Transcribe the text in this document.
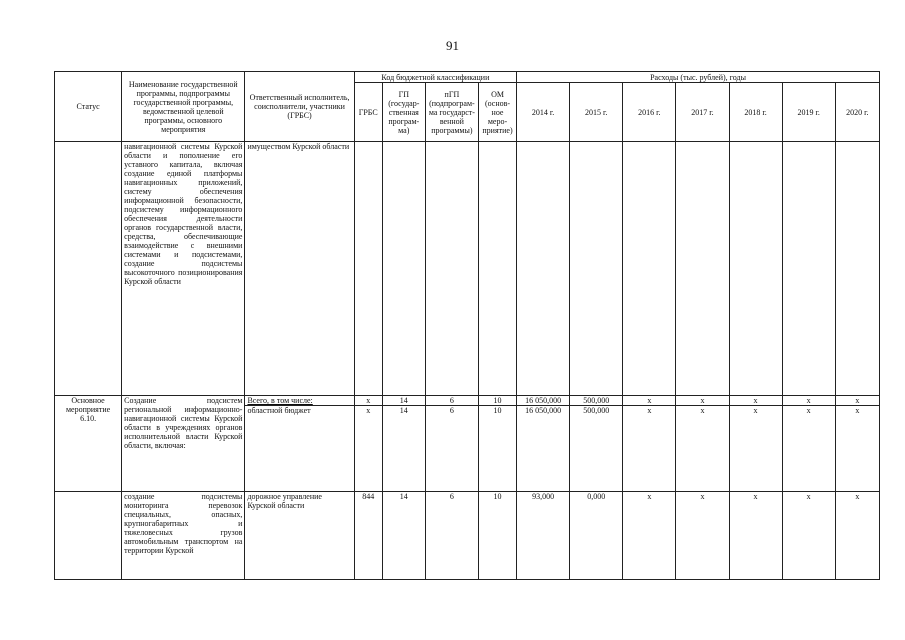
91
Статус	Наименование государственной программы, подпрограммы государственной программы, ведомственной целевой программы, основного мероприятия	Ответственный исполнитель, соисполнители, участники (ГРБС)	Код бюджетной классификации				Расходы (тыс. рублей), годы						
			ГРБС	ГП (государ-ственная програм-ма)	пГП (подпрограм-ма государст-венной программы)	ОМ (основ-ное меро-приятие)	2014 г.	2015 г.	2016 г.	2017 г.	2018 г.	2019 г.	2020 г.
	навигационной системы Курской области и пополнение его уставного капитала, включая создание единой платформы навигационных приложений, систему обеспечения информационной безопасности, подсистему информационного обеспечения деятельности органов государственной власти, средства, обеспечивающие взаимодействие с внешними системами и подсистемами, создание подсистемы высокоточного позиционирования Курской области	имуществом Курской области											
Основное мероприятие 6.10.	Создание подсистем региональной информационно-навигационной системы Курской области в учреждениях органов исполнительной власти Курской области, включая:	Всего, в том числе:	х	14	6	10	16 050,000	500,000	х	х	х	х	х
		областной бюджет	х	14	6	10	16 050,000	500,000	х	х	х	х	х
	создание подсистемы мониторинга перевозок специальных, опасных, крупногабаритных и тяжеловесных грузов автомобильным транспортом на территории Курской	дорожное управление Курской области	844	14	6	10	93,000	0,000	х	х	х	х	х
